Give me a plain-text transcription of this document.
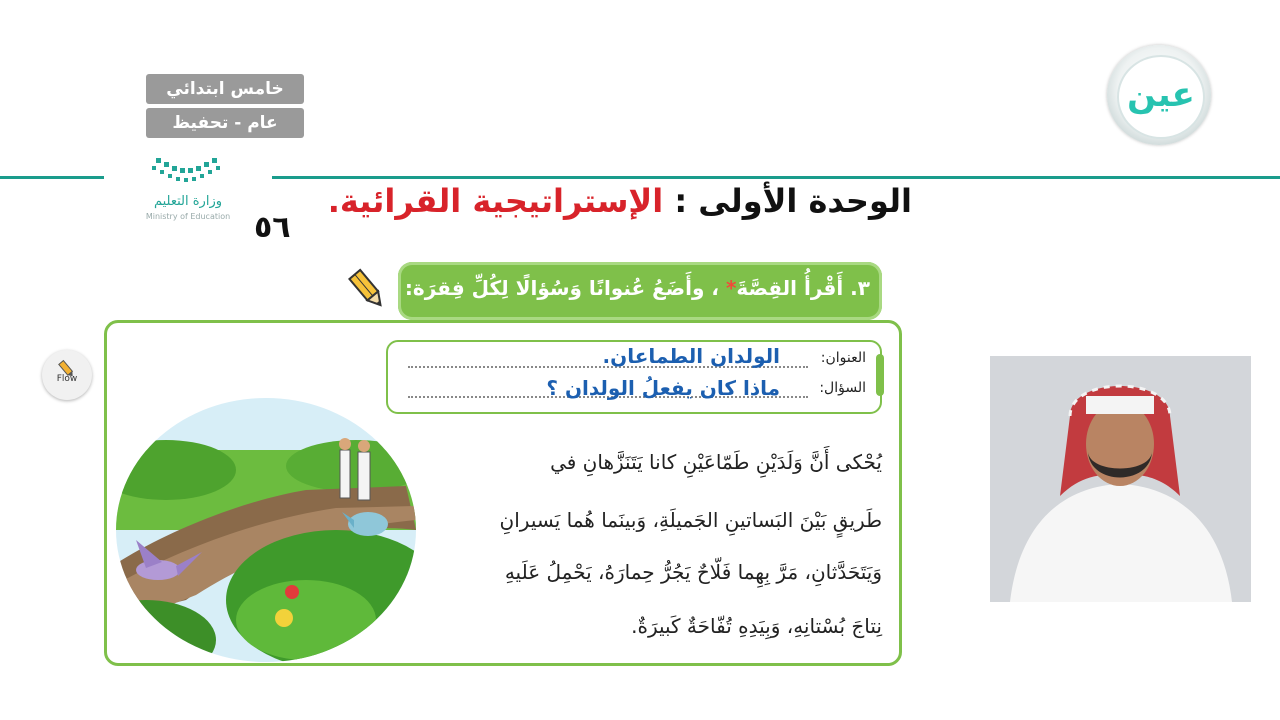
خامس ابتدائي
عام - تحفيظ
وزارة التعليم
Ministry of Education
عين
الوحدة الأولى : الإستراتيجية القرائية.
٥٦
٣. أَقْرأُ القِصَّةَ* ، وأَضَعُ عُنوانًا وَسُؤالًا لِكُلِّ فِقرَة:
العنوان:
الولدان الطماعان.
السؤال:
ماذا كان يفعلُ الولدان ؟
يُحْكى أَنَّ وَلَدَيْنِ طَمّاعَيْنِ كانا يَتَنَزَّهانِ في
طَريقٍ بَيْنَ البَساتينِ الجَميلَةِ، وَبينَما هُما يَسيرانِ
وَيَتَحَدَّثانِ، مَرَّ بِهِما فَلّاحٌ يَجُرُّ حِمارَهُ، يَحْمِلُ عَلَيهِ
نِتاجَ بُسْتانِهِ، وَبِيَدِهِ تُفّاحَةٌ كَبيرَةٌ.
Flow
